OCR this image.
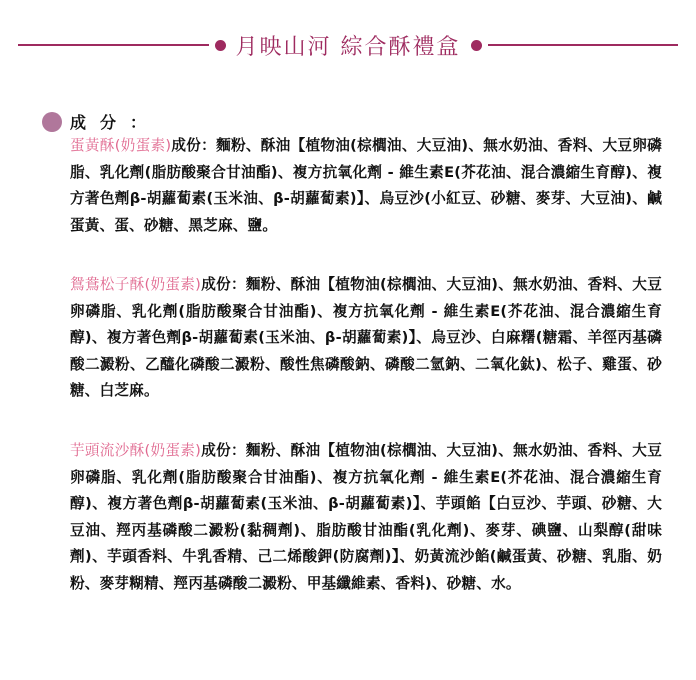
月映山河 綜合酥禮盒
成分：
蛋黃酥(奶蛋素)成份：麵粉、酥油【植物油(棕櫚油、大豆油)、無水奶油、香料、大豆卵磷脂、乳化劑(脂肪酸聚合甘油酯)、複方抗氧化劑 - 維生素E(芥花油、混合濃縮生育醇)、複方著色劑β-胡蘿蔔素(玉米油、β-胡蘿蔔素)】、烏豆沙(小紅豆、砂糖、麥芽、大豆油)、鹹蛋黃、蛋、砂糖、黑芝麻、鹽。
鴛鴦松子酥(奶蛋素)成份：麵粉、酥油【植物油(棕櫚油、大豆油)、無水奶油、香料、大豆卵磷脂、乳化劑(脂肪酸聚合甘油酯)、複方抗氧化劑 - 維生素E(芥花油、混合濃縮生育醇)、複方著色劑β-胡蘿蔔素(玉米油、β-胡蘿蔔素)】、烏豆沙、白麻糬(糖霜、羊徑丙基磷酸二澱粉、乙醯化磷酸二澱粉、酸性焦磷酸鈉、磷酸二氫鈉、二氧化鈦)、松子、雞蛋、砂糖、白芝麻。
芋頭流沙酥(奶蛋素)成份：麵粉、酥油【植物油(棕櫚油、大豆油)、無水奶油、香料、大豆卵磷脂、乳化劑(脂肪酸聚合甘油酯)、複方抗氧化劑 - 維生素E(芥花油、混合濃縮生育醇)、複方著色劑β-胡蘿蔔素(玉米油、β-胡蘿蔔素)】、芋頭餡【白豆沙、芋頭、砂糖、大豆油、羥丙基磷酸二澱粉(黏稠劑)、脂肪酸甘油酯(乳化劑)、麥芽、碘鹽、山梨醇(甜味劑)、芋頭香料、牛乳香精、己二烯酸鉀(防腐劑)】、奶黃流沙餡(鹹蛋黃、砂糖、乳脂、奶粉、麥芽糊精、羥丙基磷酸二澱粉、甲基纖維素、香料)、砂糖、水。
